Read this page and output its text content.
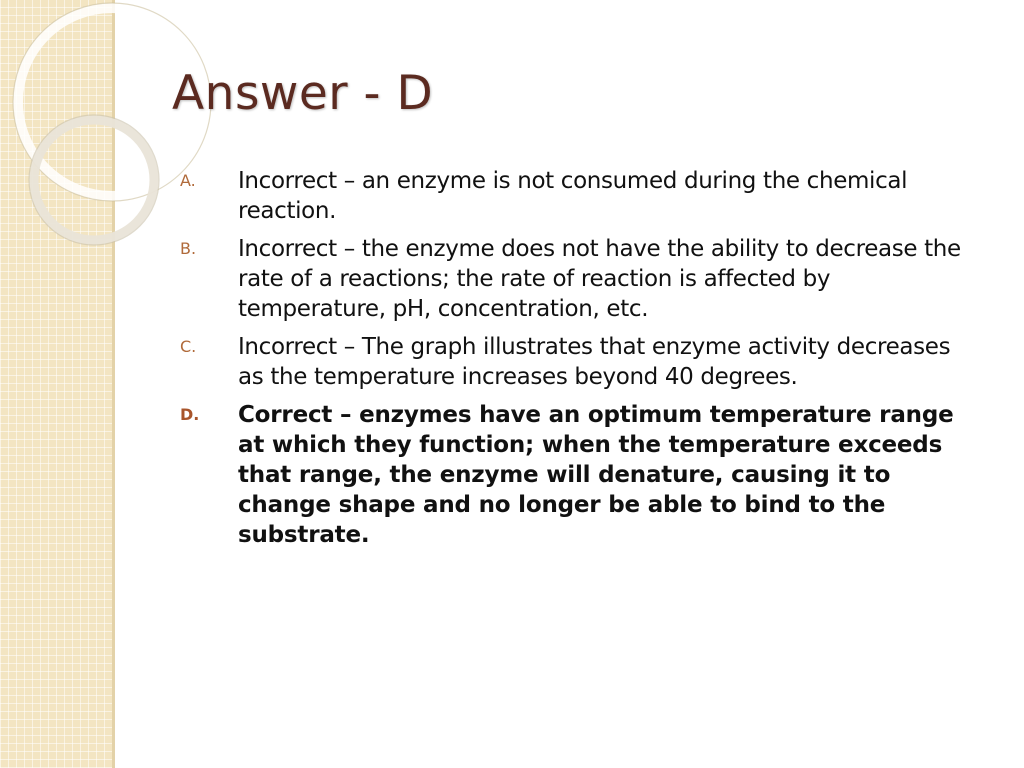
Answer - D
A.	Incorrect – an enzyme is not consumed during the chemical reaction.
B.	Incorrect – the enzyme does not have the ability to decrease the rate of a reactions; the rate of reaction is affected by temperature, pH, concentration, etc.
C.	Incorrect – The graph illustrates that enzyme activity decreases as the temperature increases beyond 40 degrees.
D.	Correct – enzymes have an optimum temperature range at which they function; when the temperature exceeds that range, the enzyme will denature, causing it to change shape and no longer be able to bind to the substrate.
